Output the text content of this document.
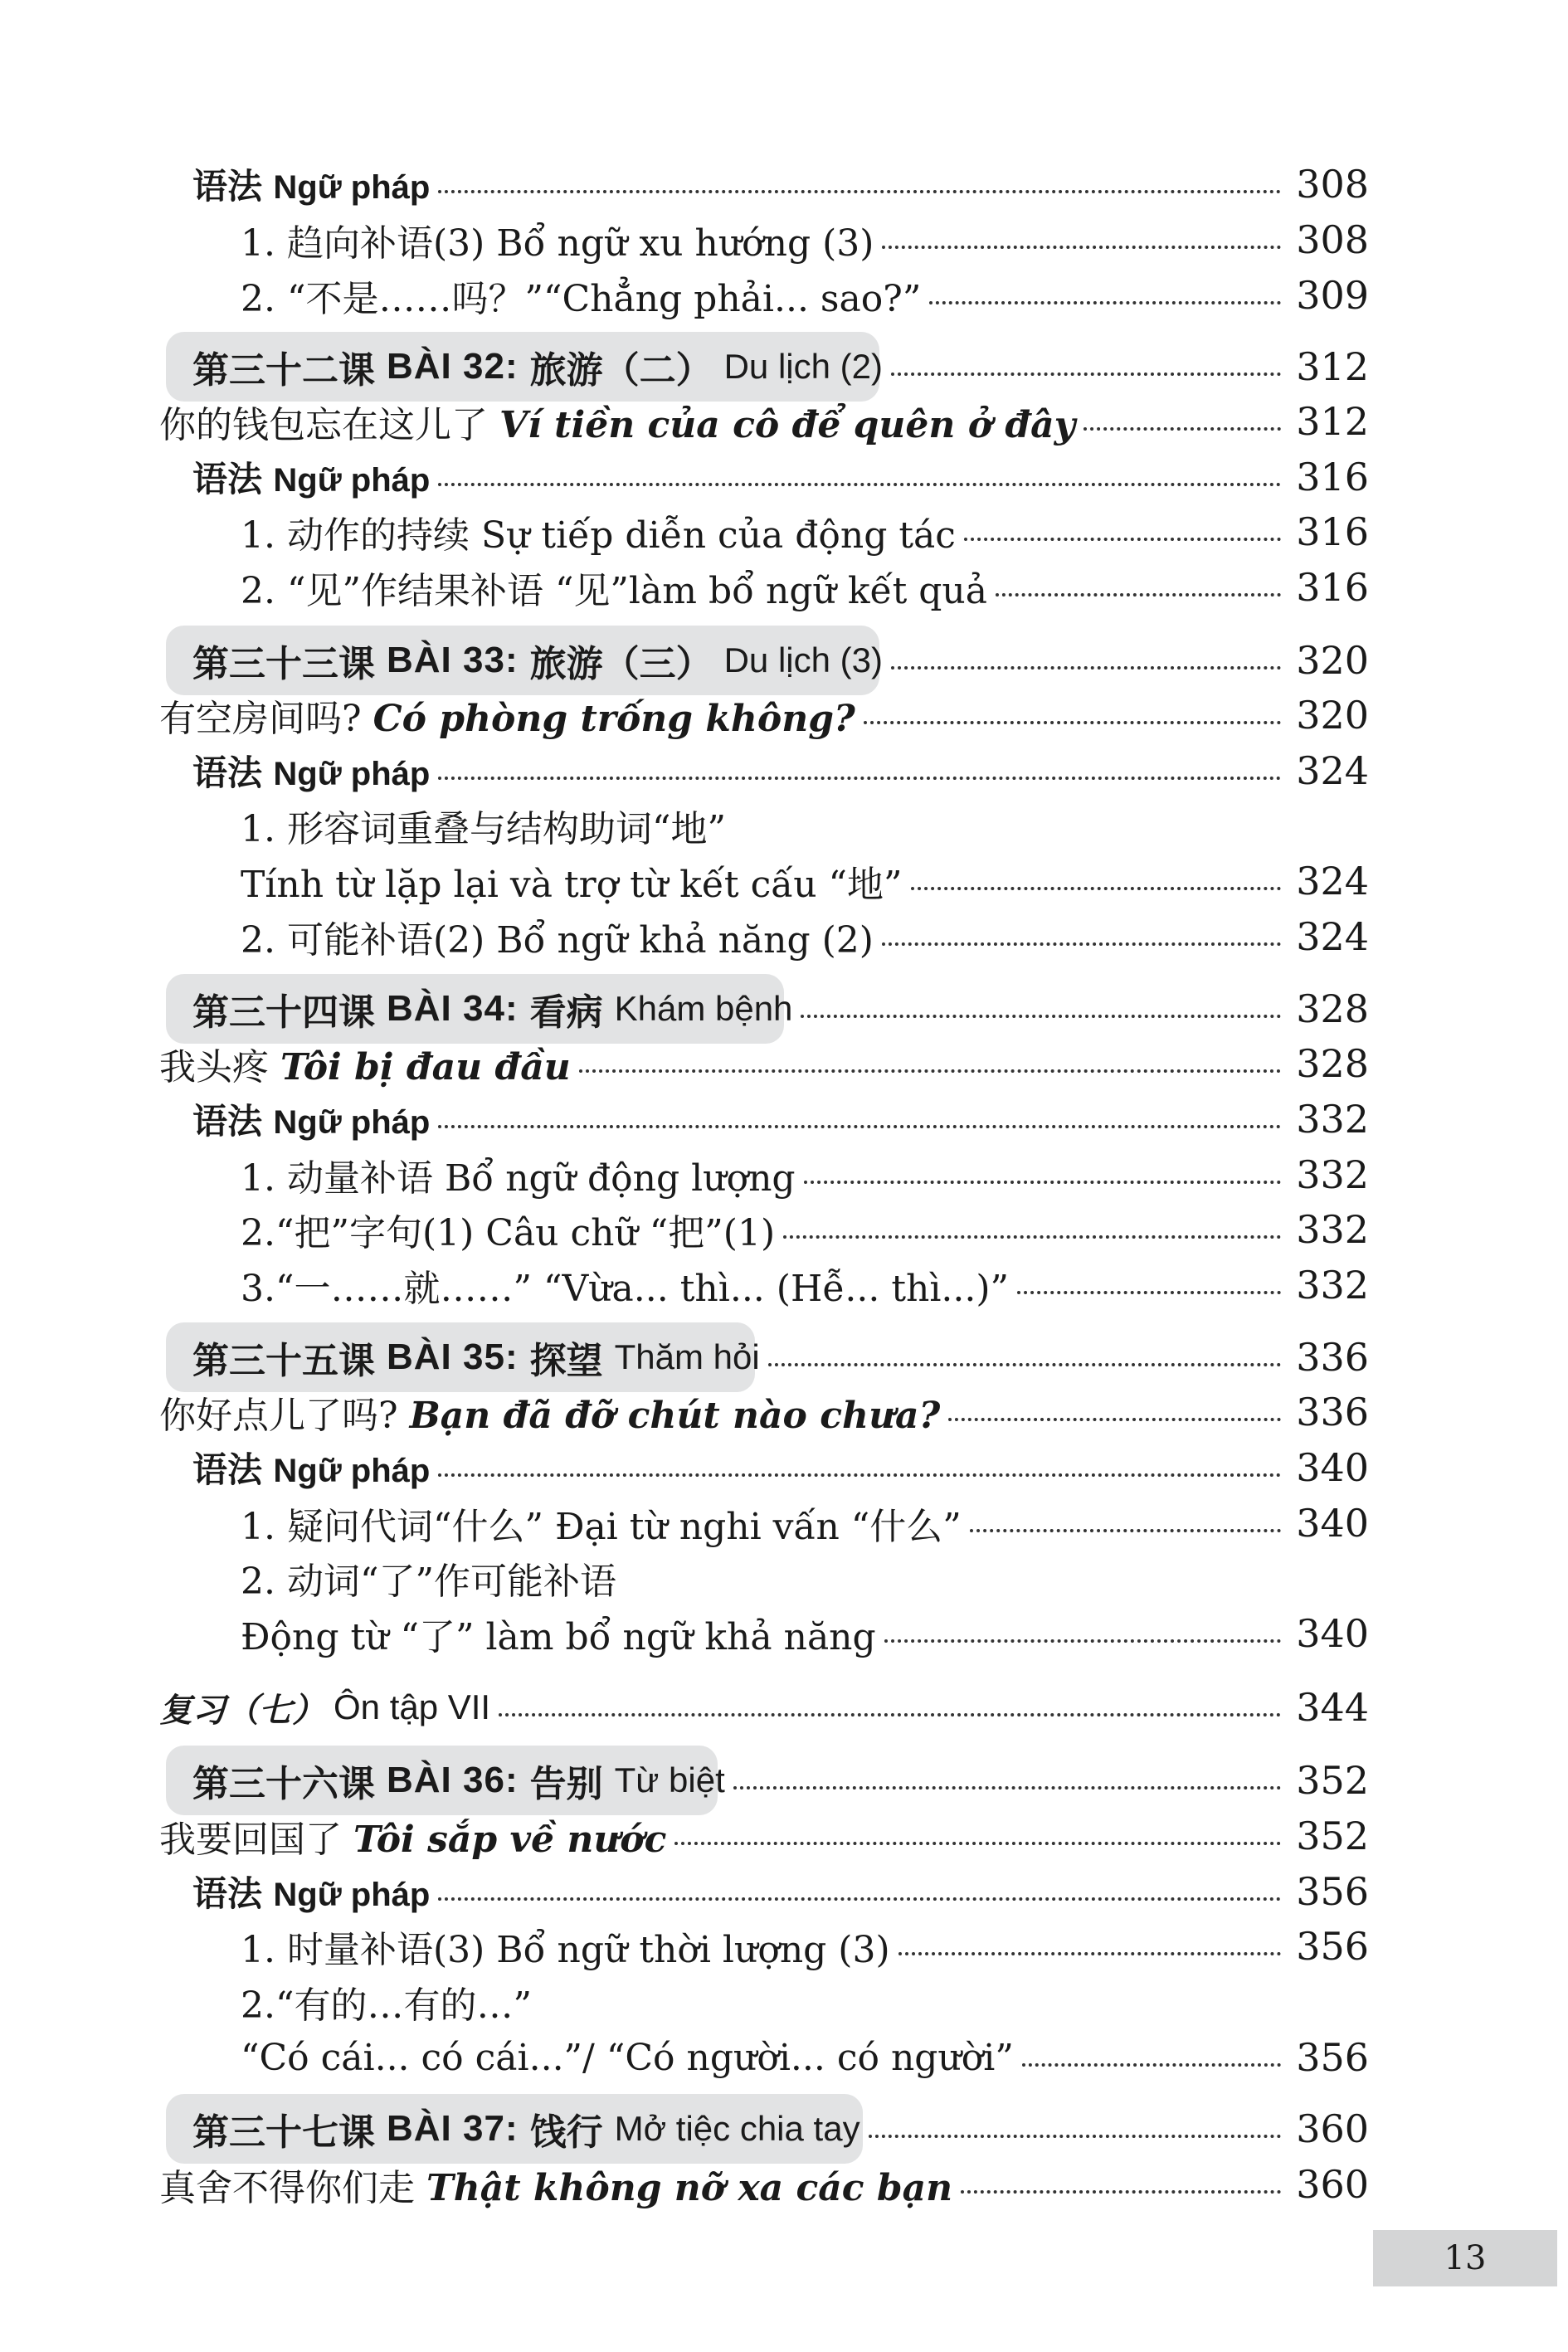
语法 Ngữ pháp	308
1. 趋向补语(3) Bổ ngữ xu hướng (3)	308
2. “不是……吗？”“Chẳng phải... sao?”	309
第三十二课 BÀI 32: 旅游（二） Du lịch (2)	312
你的钱包忘在这儿了 Ví tiền của cô để quên ở đây	312
语法 Ngữ pháp	316
1. 动作的持续 Sự tiếp diễn của động tác	316
2. “见”作结果补语 “见”làm bổ ngữ kết quả	316
第三十三课 BÀI 33: 旅游（三） Du lịch (3)	320
有空房间吗? Có phòng trống không?	320
语法 Ngữ pháp	324
1. 形容词重叠与结构助词“地”
Tính từ lặp lại và trợ từ kết cấu “地”	324
2. 可能补语(2) Bổ ngữ khả năng (2)	324
第三十四课 BÀI 34: 看病 Khám bệnh	328
我头疼 Tôi bị đau đầu	328
语法 Ngữ pháp	332
1. 动量补语 Bổ ngữ động lượng	332
2.“把”字句(1) Câu chữ “把”(1)	332
3.“一……就……” “Vừa... thì... (Hễ... thì...)”	332
第三十五课 BÀI 35: 探望 Thăm hỏi	336
你好点儿了吗? Bạn đã đỡ chút nào chưa?	336
语法 Ngữ pháp	340
1. 疑问代词“什么” Đại từ nghi vấn “什么”	340
2. 动词“了”作可能补语
Động từ “了” làm bổ ngữ khả năng	340
复习（七） Ôn tập VII	344
第三十六课 BÀI 36: 告别 Từ biệt	352
我要回国了 Tôi sắp về nước	352
语法 Ngữ pháp	356
1. 时量补语(3) Bổ ngữ thời lượng (3)	356
2.“有的…有的…”
“Có cái... có cái...”/ “Có người... có người”	356
第三十七课 BÀI 37: 饯行 Mở tiệc chia tay	360
真舍不得你们走 Thật không nỡ xa các bạn	360
13
